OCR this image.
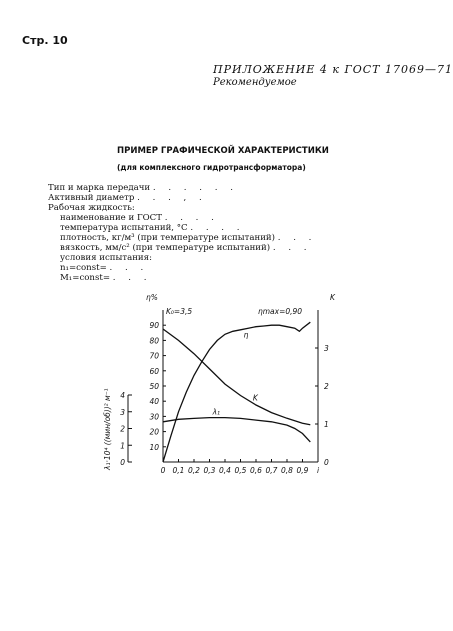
Стр. 10
ПРИЛОЖЕНИЕ 4 к ГОСТ 17069—71
Рекомендуемое
ПРИМЕР ГРАФИЧЕСКОЙ ХАРАКТЕРИСТИКИ
(для комплексного гидротрансформатора)
Тип и марка передачи . . . . . .
Активный диаметр . . . , .
Рабочая жидкость:
наименование и ГОСТ . . . .
температура испытаний, °С . . . .
плотность, кг/м³ (при температуре испытаний) . . .
вязкость, мм/с² (при температуре испытаний) . . .
условия испытания:
n₁=const= . . .
M₁=const= . . .
0 0,1 0,2 0,3 0,4 0,5 0,6 0,7 0,8 0,9 i
10
20
30
40
50
60
70
80
90
0
1
2
3
0
1
2
3
4
η
K
λ₁
η%	K
K₀=3,5	ηmax=0,90
λ₁·10⁴ ((мин/об))² м⁻¹
